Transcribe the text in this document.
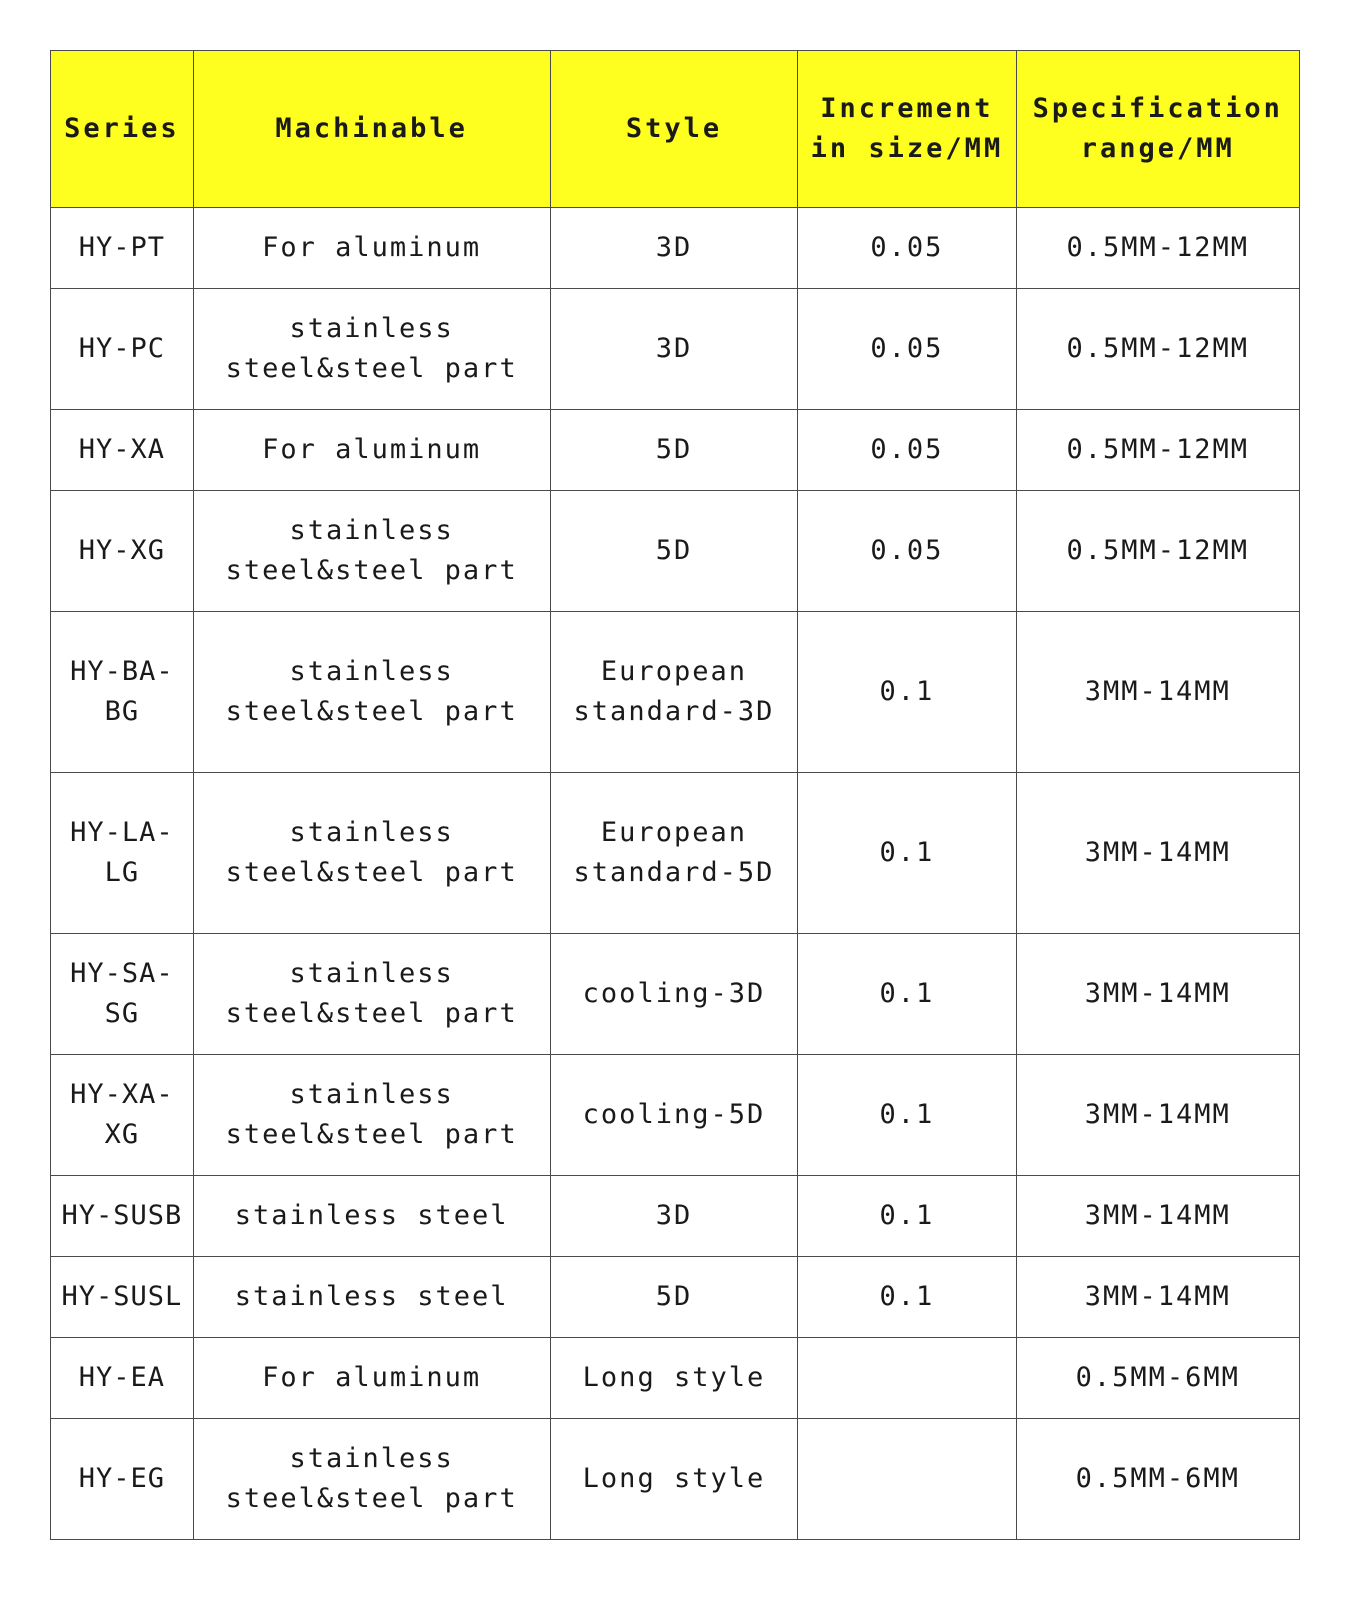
Series	Machinable	Style	Increment in size/MM	Specification range/MM
HY-PT	For aluminum	3D	0.05	0.5MM-12MM
HY-PC	stainless steel&steel part	3D	0.05	0.5MM-12MM
HY-XA	For aluminum	5D	0.05	0.5MM-12MM
HY-XG	stainless steel&steel part	5D	0.05	0.5MM-12MM
HY-BA-BG	stainless steel&steel part	European standard-3D	0.1	3MM-14MM
HY-LA-LG	stainless steel&steel part	European standard-5D	0.1	3MM-14MM
HY-SA-SG	stainless steel&steel part	cooling-3D	0.1	3MM-14MM
HY-XA-XG	stainless steel&steel part	cooling-5D	0.1	3MM-14MM
HY-SUSB	stainless steel	3D	0.1	3MM-14MM
HY-SUSL	stainless steel	5D	0.1	3MM-14MM
HY-EA	For aluminum	Long style		0.5MM-6MM
HY-EG	stainless steel&steel part	Long style		0.5MM-6MM
